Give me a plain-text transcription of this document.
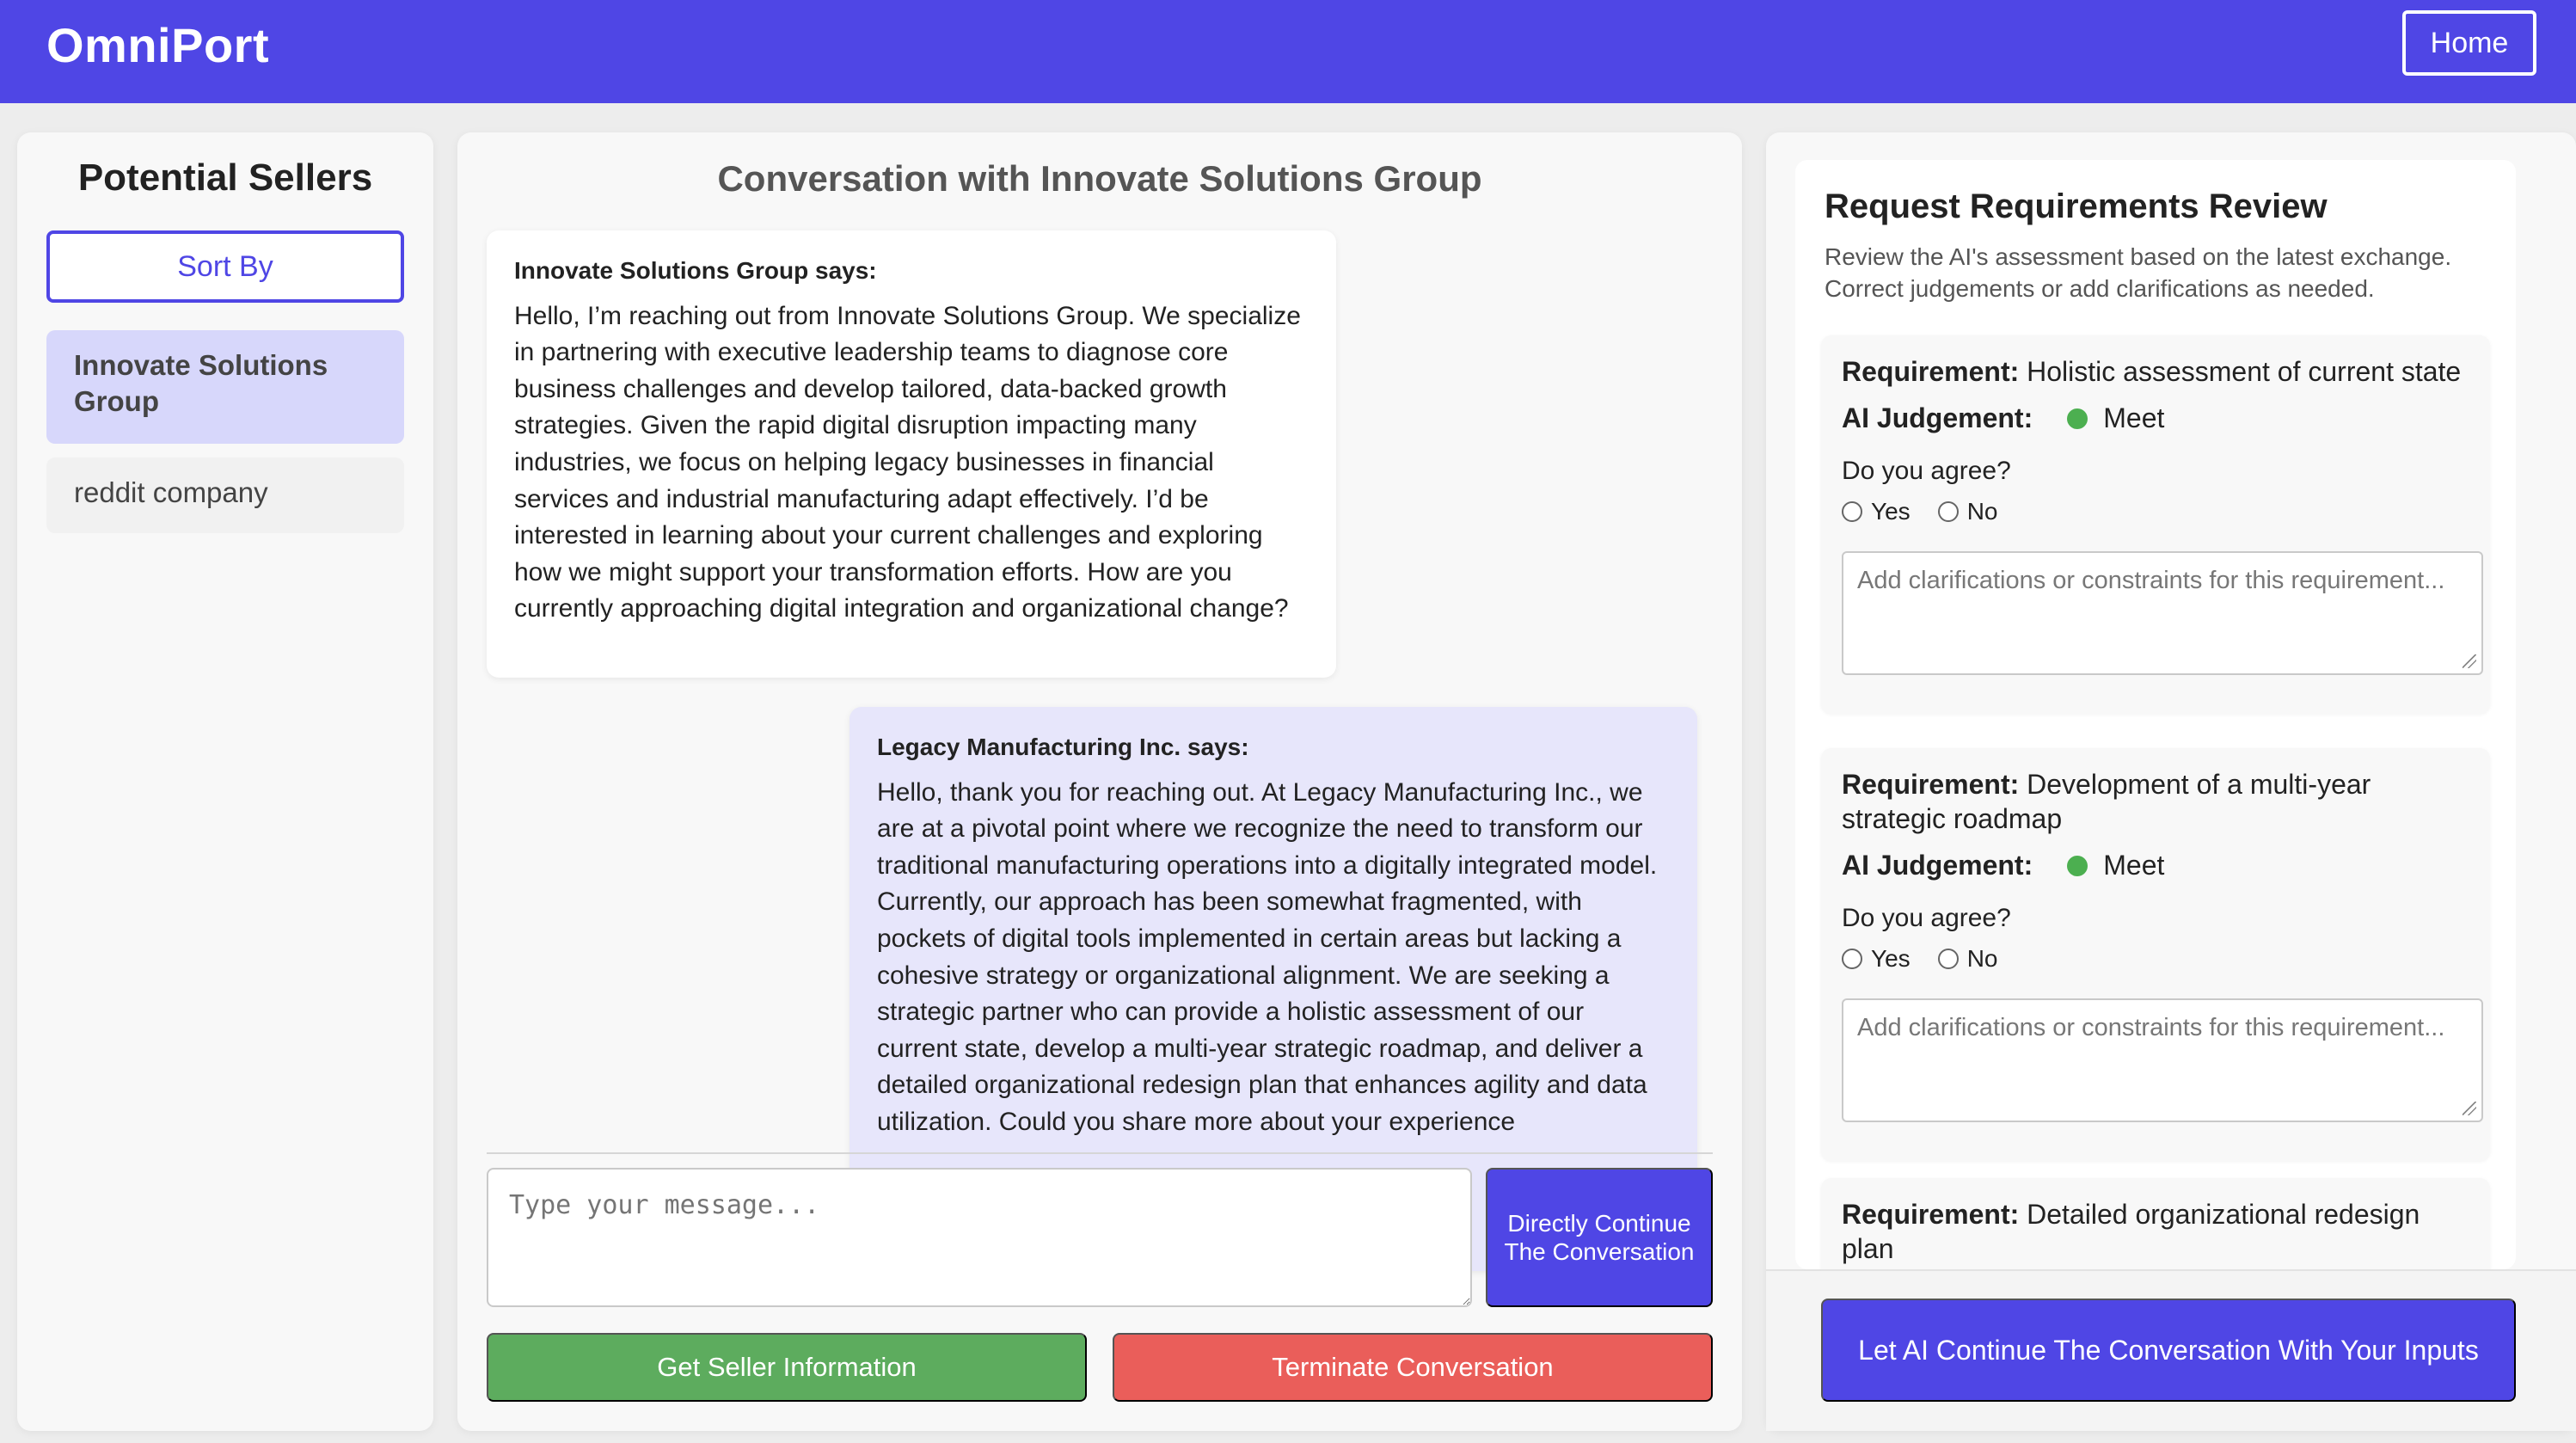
OmniPort	Home
Potential Sellers
Sort By
Innovate Solutions Group
reddit company
Conversation with Innovate Solutions Group
Innovate Solutions Group says:
Hello, I’m reaching out from Innovate Solutions Group. We specialize in partnering with executive leadership teams to diagnose core business challenges and develop tailored, data-backed growth strategies. Given the rapid digital disruption impacting many industries, we focus on helping legacy businesses in financial services and industrial manufacturing adapt effectively. I’d be interested in learning about your current challenges and exploring how we might support your transformation efforts. How are you currently approaching digital integration and organizational change?
Legacy Manufacturing Inc. says:
Hello, thank you for reaching out. At Legacy Manufacturing Inc., we are at a pivotal point where we recognize the need to transform our traditional manufacturing operations into a digitally integrated model. Currently, our approach has been somewhat fragmented, with pockets of digital tools implemented in certain areas but lacking a cohesive strategy or organizational alignment. We are seeking a strategic partner who can provide a holistic assessment of our current state, develop a multi-year strategic roadmap, and deliver a detailed organizational redesign plan that enhances agility and data utilization. Could you share more about your experience
Type your message...
Directly Continue The Conversation
Get Seller Information	Terminate Conversation
Request Requirements Review
Review the AI's assessment based on the latest exchange. Correct judgements or add clarifications as needed.
Requirement: Holistic assessment of current state
AI Judgement:	Meet
Do you agree?
Yes No
Add clarifications or constraints for this requirement...
Requirement: Development of a multi-year strategic roadmap
AI Judgement:	Meet
Do you agree?
Yes No
Add clarifications or constraints for this requirement...
Requirement: Detailed organizational redesign plan
Let AI Continue The Conversation With Your Inputs
